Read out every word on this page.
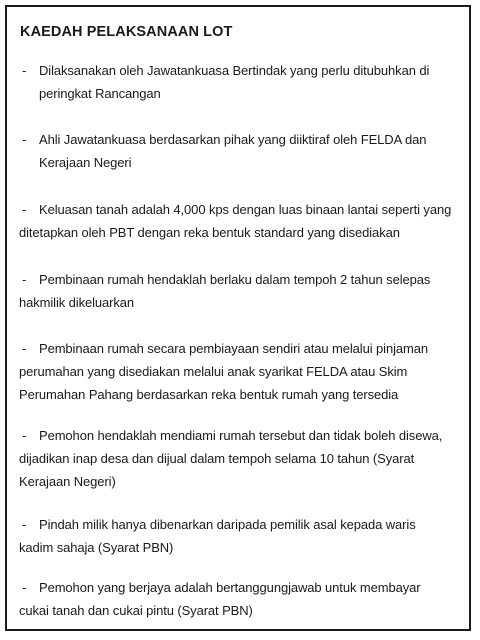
KAEDAH PELAKSANAAN LOT
- Dilaksanakan oleh Jawatankuasa Bertindak yang perlu ditubuhkan di
peringkat Rancangan
- Ahli Jawatankuasa berdasarkan pihak yang diiktiraf oleh FELDA dan
Kerajaan Negeri
- Keluasan tanah adalah 4,000 kps dengan luas binaan lantai seperti yang
ditetapkan oleh PBT dengan reka bentuk standard yang disediakan
- Pembinaan rumah hendaklah berlaku dalam tempoh 2 tahun selepas
hakmilik dikeluarkan
- Pembinaan rumah secara pembiayaan sendiri atau melalui pinjaman
perumahan yang disediakan melalui anak syarikat FELDA atau Skim
Perumahan Pahang berdasarkan reka bentuk rumah yang tersedia
- Pemohon hendaklah mendiami rumah tersebut dan tidak boleh disewa,
dijadikan inap desa dan dijual dalam tempoh selama 10 tahun (Syarat
Kerajaan Negeri)
- Pindah milik hanya dibenarkan daripada pemilik asal kepada waris
kadim sahaja (Syarat PBN)
- Pemohon yang berjaya adalah bertanggungjawab untuk membayar
cukai tanah dan cukai pintu (Syarat PBN)
